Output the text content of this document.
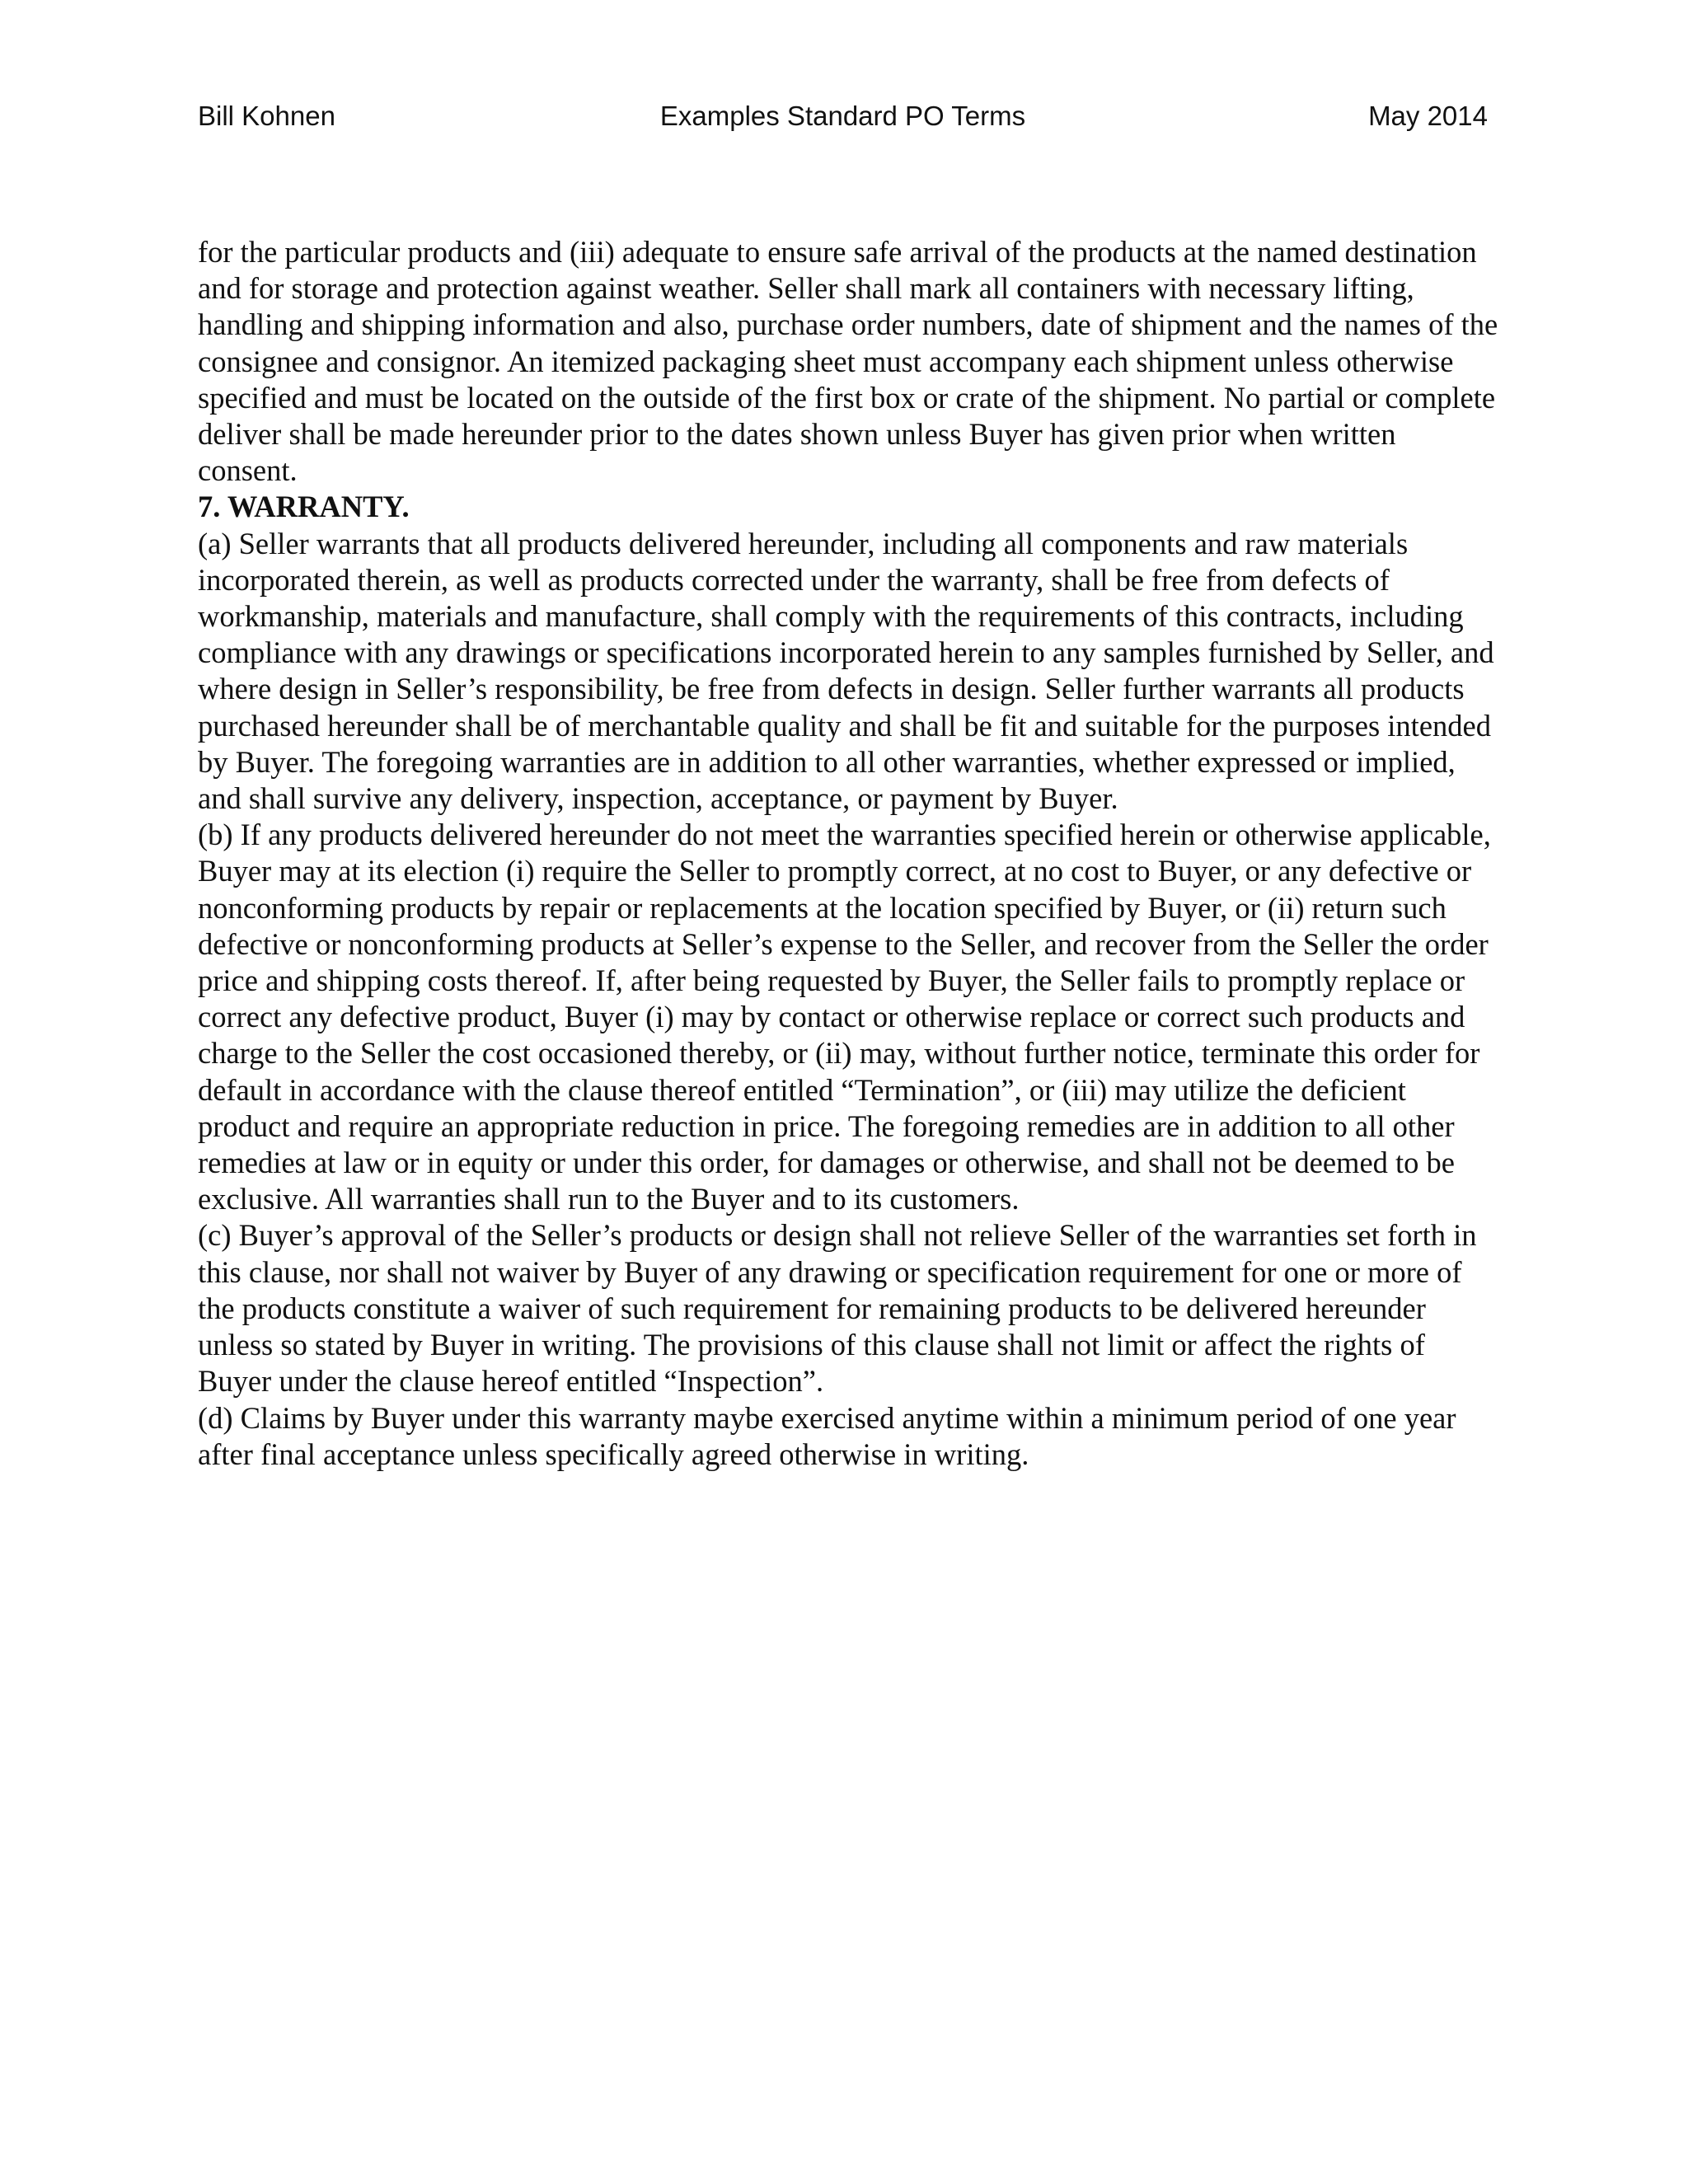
Bill Kohnen	Examples Standard PO Terms	May 2014

for the particular products and (iii) adequate to ensure safe arrival of the products at the named destination and for storage and protection against weather. Seller shall mark all containers with necessary lifting, handling and shipping information and also, purchase order numbers, date of shipment and the names of the consignee and consignor. An itemized packaging sheet must accompany each shipment unless otherwise specified and must be located on the outside of the first box or crate of the shipment. No partial or complete deliver shall be made hereunder prior to the dates shown unless Buyer has given prior when written consent.

7. WARRANTY.

(a) Seller warrants that all products delivered hereunder, including all components and raw materials incorporated therein, as well as products corrected under the warranty, shall be free from defects of workmanship, materials and manufacture, shall comply with the requirements of this contracts, including compliance with any drawings or specifications incorporated herein to any samples furnished by Seller, and where design in Seller’s responsibility, be free from defects in design. Seller further warrants all products purchased hereunder shall be of merchantable quality and shall be fit and suitable for the purposes intended by Buyer. The foregoing warranties are in addition to all other warranties, whether expressed or implied, and shall survive any delivery, inspection, acceptance, or payment by Buyer.

(b) If any products delivered hereunder do not meet the warranties specified herein or otherwise applicable, Buyer may at its election (i) require the Seller to promptly correct, at no cost to Buyer, or any defective or nonconforming products by repair or replacements at the location specified by Buyer, or (ii) return such defective or nonconforming products at Seller’s expense to the Seller, and recover from the Seller the order price and shipping costs thereof. If, after being requested by Buyer, the Seller fails to promptly replace or correct any defective product, Buyer (i) may by contact or otherwise replace or correct such products and charge to the Seller the cost occasioned thereby, or (ii) may, without further notice, terminate this order for default in accordance with the clause thereof entitled “Termination”, or (iii) may utilize the deficient product and require an appropriate reduction in price. The foregoing remedies are in addition to all other remedies at law or in equity or under this order, for damages or otherwise, and shall not be deemed to be exclusive. All warranties shall run to the Buyer and to its customers.

(c) Buyer’s approval of the Seller’s products or design shall not relieve Seller of the warranties set forth in this clause, nor shall not waiver by Buyer of any drawing or specification requirement for one or more of the products constitute a waiver of such requirement for remaining products to be delivered hereunder unless so stated by Buyer in writing. The provisions of this clause shall not limit or affect the rights of Buyer under the clause hereof entitled “Inspection”.

(d) Claims by Buyer under this warranty maybe exercised anytime within a minimum period of one year after final acceptance unless specifically agreed otherwise in writing.
